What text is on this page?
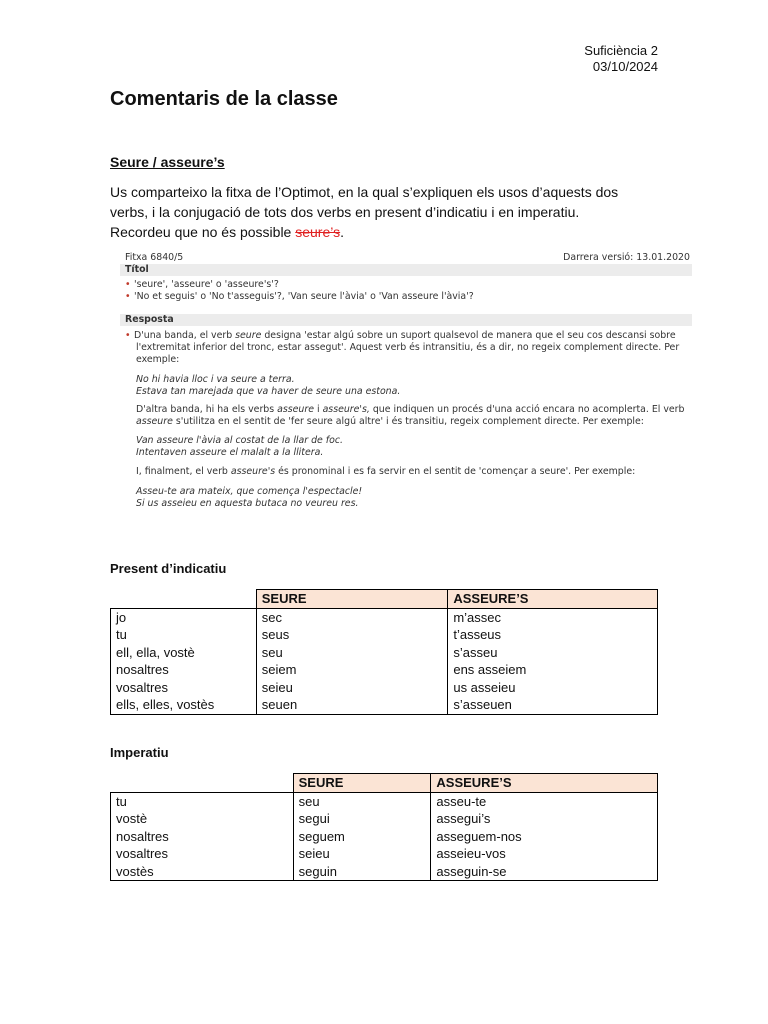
Suficiència 2
03/10/2024
Comentaris de la classe
Seure / asseure’s
Us comparteixo la fitxa de l’Optimot, en la qual s’expliquen els usos d’aquests dos
verbs, i la conjugació de tots dos verbs en present d’indicatiu i en imperatiu.
Recordeu que no és possible seure’s.
Fitxa 6840/5	Darrera versió: 13.01.2020
Títol
• 'seure', 'asseure' o 'asseure's'?
• 'No et seguis' o 'No t'asseguis'?, 'Van seure l'àvia' o 'Van asseure l'àvia'?
Resposta
• D'una banda, el verb seure designa 'estar algú sobre un suport qualsevol de manera que el seu cos descansi sobre

l'extremitat inferior del tronc, estar assegut'. Aquest verb és intransitiu, és a dir, no regeix complement directe. Per

exemple:

No hi havia lloc i va seure a terra.

Estava tan marejada que va haver de seure una estona.

D'altra banda, hi ha els verbs asseure i asseure's, que indiquen un procés d'una acció encara no acomplerta. El verb

asseure s'utilitza en el sentit de 'fer seure algú altre' i és transitiu, regeix complement directe. Per exemple:

Van asseure l'àvia al costat de la llar de foc.

Intentaven asseure el malalt a la llitera.

I, finalment, el verb asseure's és pronominal i es fa servir en el sentit de 'començar a seure'. Per exemple:

Asseu-te ara mateix, que comença l'espectacle!

Si us asseieu en aquesta butaca no veureu res.

Present d’indicatiu
	SEURE	ASSEURE’S
jo	sec	m’assec
tu	seus	t’asseus
ell, ella, vostè	seu	s’asseu
nosaltres	seiem	ens asseiem
vosaltres	seieu	us asseieu
ells, elles, vostès	seuen	s’asseuen
Imperatiu
	SEURE	ASSEURE’S
tu	seu	asseu-te
vostè	segui	assegui’s
nosaltres	seguem	asseguem-nos
vosaltres	seieu	asseieu-vos
vostès	seguin	asseguin-se
